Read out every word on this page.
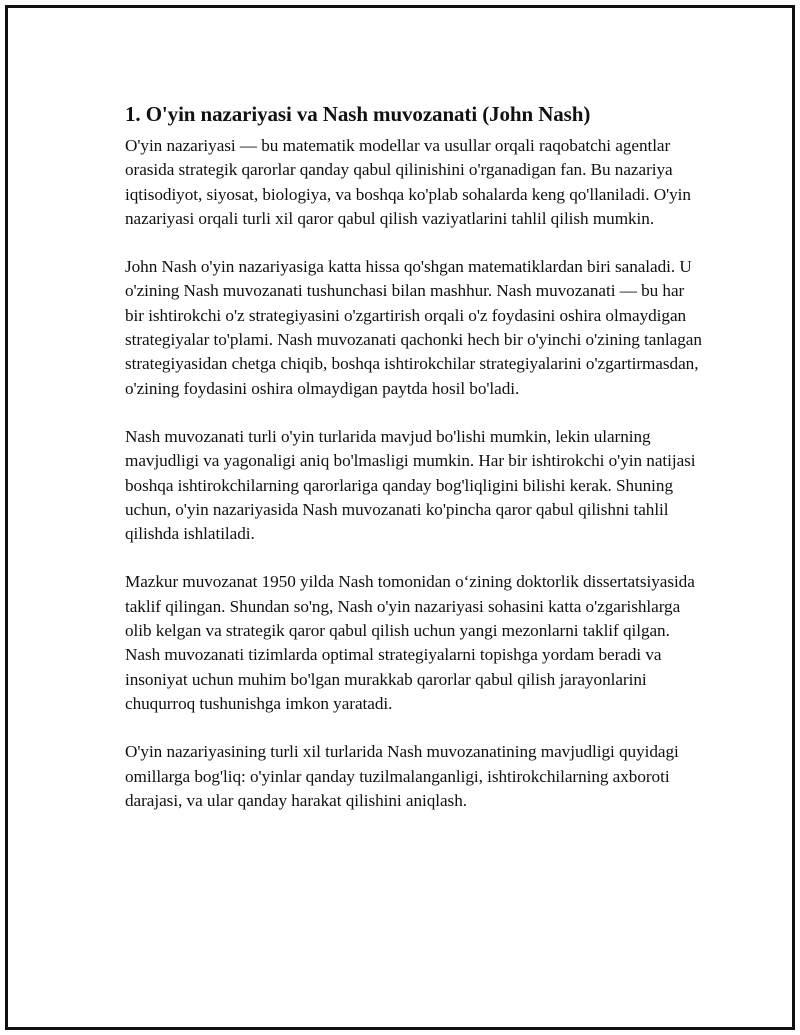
1. O'yin nazariyasi va Nash muvozanati (John Nash)

O'yin nazariyasi — bu matematik modellar va usullar orqali raqobatchi agentlar orasida strategik qarorlar qanday qabul qilinishini o'rganadigan fan. Bu nazariya iqtisodiyot, siyosat, biologiya, va boshqa ko'plab sohalarda keng qo'llaniladi. O'yin nazariyasi orqali turli xil qaror qabul qilish vaziyatlarini tahlil qilish mumkin.

John Nash o'yin nazariyasiga katta hissa qo'shgan matematiklardan biri sanaladi. U o'zining Nash muvozanati tushunchasi bilan mashhur. Nash muvozanati — bu har bir ishtirokchi o'z strategiyasini o'zgartirish orqali o'z foydasini oshira olmaydigan strategiyalar to'plami. Nash muvozanati qachonki hech bir o'yinchi o'zining tanlagan strategiyasidan chetga chiqib, boshqa ishtirokchilar strategiyalarini o'zgartirmasdan, o'zining foydasini oshira olmaydigan paytda hosil bo'ladi.

Nash muvozanati turli o'yin turlarida mavjud bo'lishi mumkin, lekin ularning mavjudligi va yagonaligi aniq bo'lmasligi mumkin. Har bir ishtirokchi o'yin natijasi boshqa ishtirokchilarning qarorlariga qanday bog'liqligini bilishi kerak. Shuning uchun, o'yin nazariyasida Nash muvozanati ko'pincha qaror qabul qilishni tahlil qilishda ishlatiladi.

Mazkur muvozanat 1950 yilda Nash tomonidan o‘zining doktorlik dissertatsiyasida taklif qilingan. Shundan so'ng, Nash o'yin nazariyasi sohasini katta o'zgarishlarga olib kelgan va strategik qaror qabul qilish uchun yangi mezonlarni taklif qilgan. Nash muvozanati tizimlarda optimal strategiyalarni topishga yordam beradi va insoniyat uchun muhim bo'lgan murakkab qarorlar qabul qilish jarayonlarini chuqurroq tushunishga imkon yaratadi.

O'yin nazariyasining turli xil turlarida Nash muvozanatining mavjudligi quyidagi omillarga bog'liq: o'yinlar qanday tuzilmalanganligi, ishtirokchilarning axboroti darajasi, va ular qanday harakat qilishini aniqlash.
